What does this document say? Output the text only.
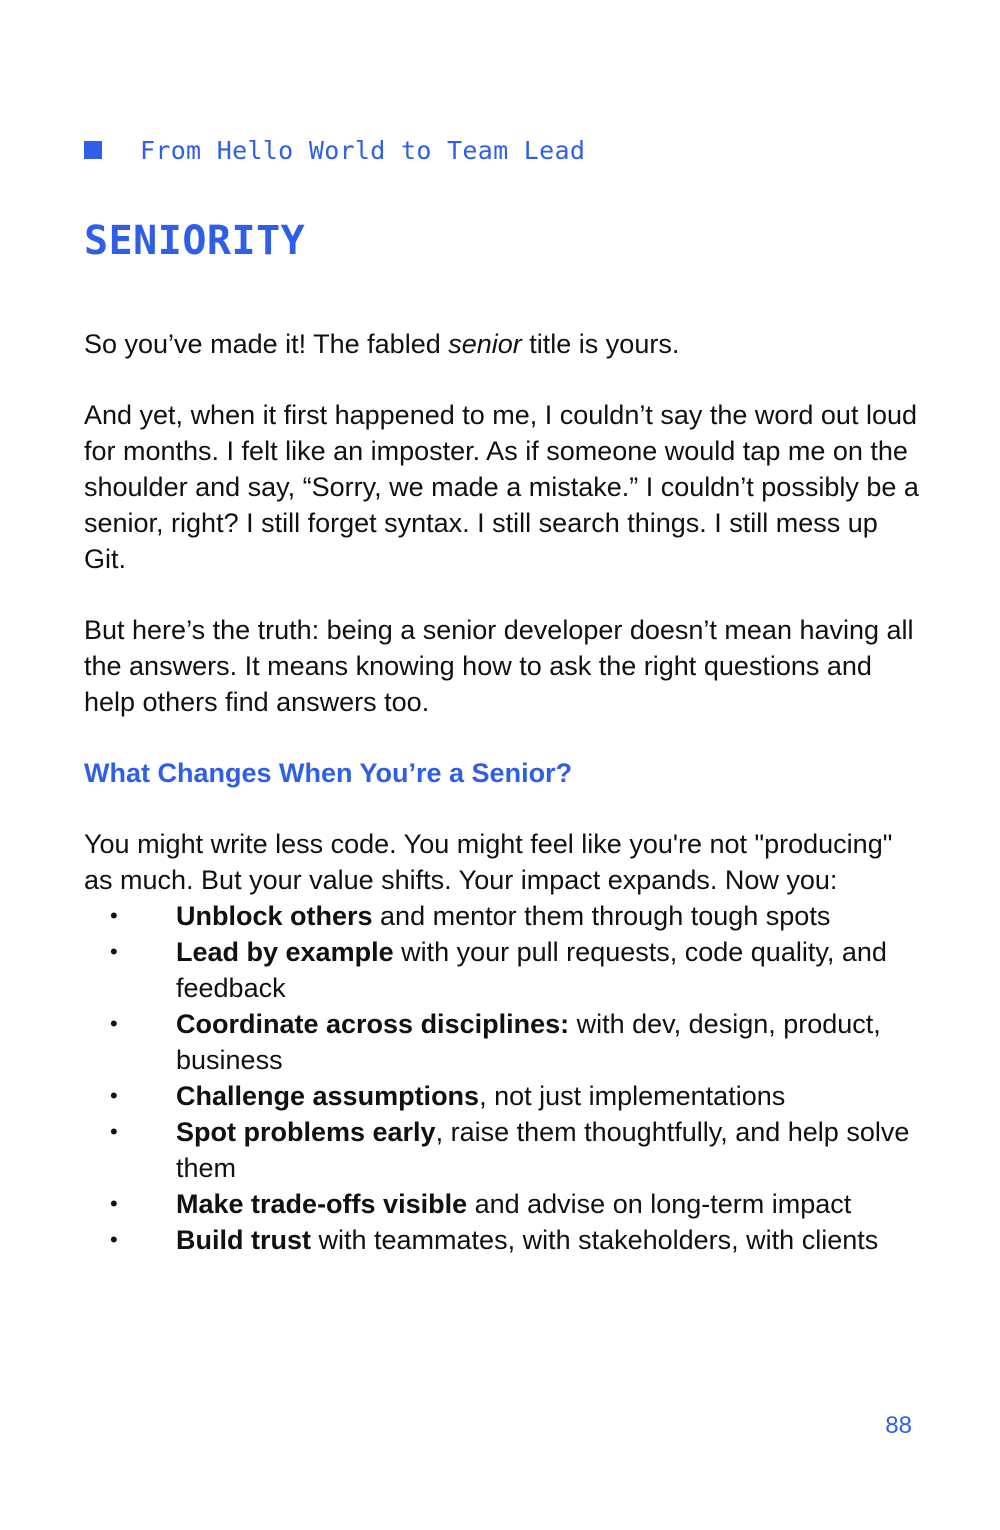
From Hello World to Team Lead
SENIORITY

So you’ve made it! The fabled senior title is yours.

And yet, when it first happened to me, I couldn’t say the word out loud for months. I felt like an imposter. As if someone would tap me on the shoulder and say, “Sorry, we made a mistake.” I couldn’t possibly be a senior, right? I still forget syntax. I still search things. I still mess up Git.

But here’s the truth: being a senior developer doesn’t mean having all the answers. It means knowing how to ask the right questions and help others find answers too.

What Changes When You’re a Senior?

You might write less code. You might feel like you're not "producing" as much. But your value shifts. Your impact expands. Now you:

• Unblock others and mentor them through tough spots
• Lead by example with your pull requests, code quality, and feedback
• Coordinate across disciplines: with dev, design, product, business
• Challenge assumptions, not just implementations
• Spot problems early, raise them thoughtfully, and help solve them
• Make trade-offs visible and advise on long-term impact
• Build trust with teammates, with stakeholders, with clients
88
